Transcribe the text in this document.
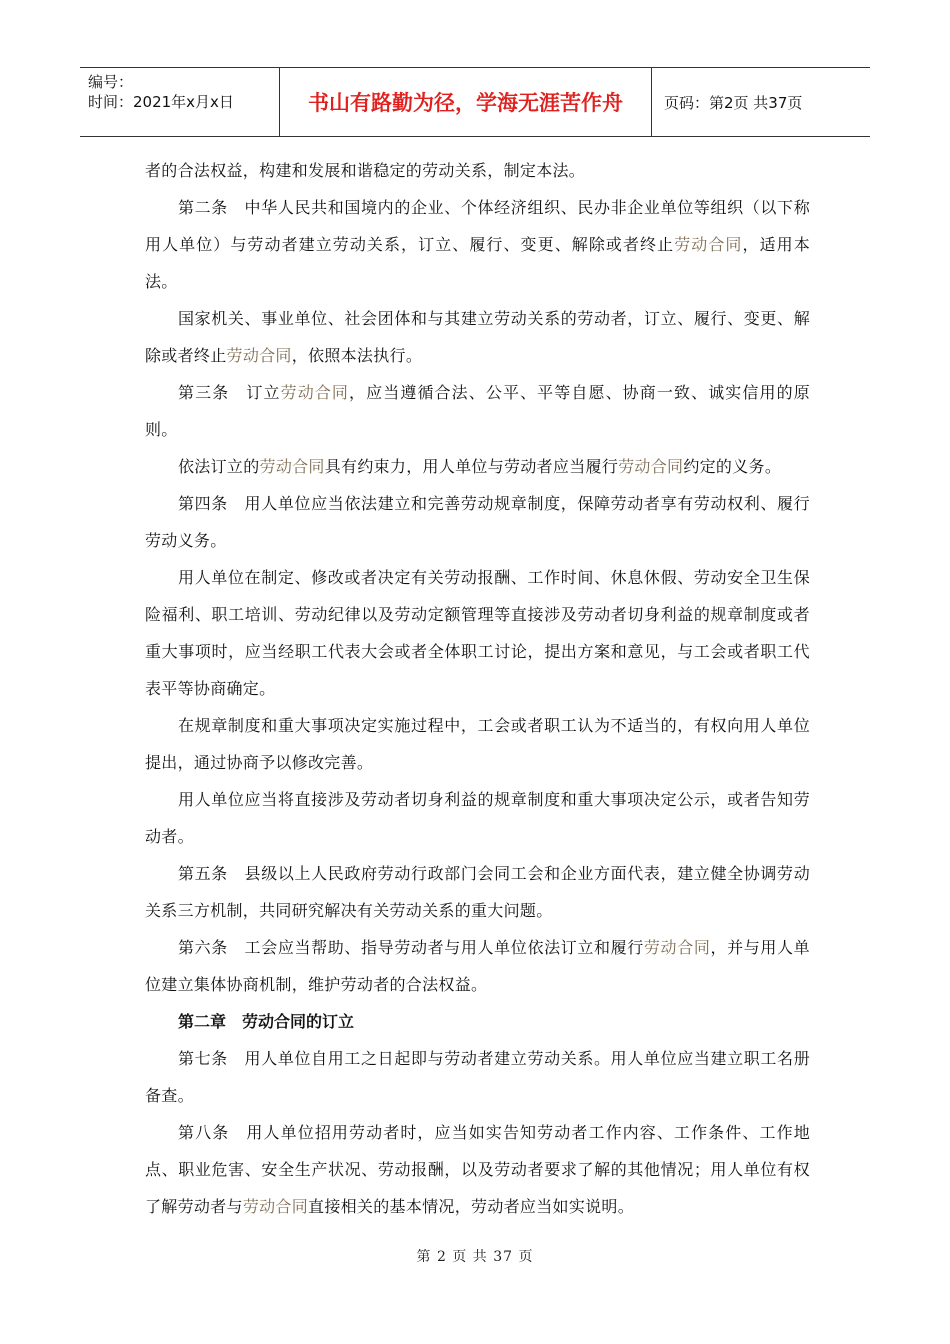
编号：
时间：2021年x月x日	书山有路勤为径，学海无涯苦作舟	页码：第2页 共37页

者的合法权益，构建和发展和谐稳定的劳动关系，制定本法。

第二条　中华人民共和国境内的企业、个体经济组织、民办非企业单位等组织（以下称用人单位）与劳动者建立劳动关系，订立、履行、变更、解除或者终止劳动合同，适用本法。

国家机关、事业单位、社会团体和与其建立劳动关系的劳动者，订立、履行、变更、解除或者终止劳动合同，依照本法执行。

第三条　订立劳动合同，应当遵循合法、公平、平等自愿、协商一致、诚实信用的原则。

依法订立的劳动合同具有约束力，用人单位与劳动者应当履行劳动合同约定的义务。

第四条　用人单位应当依法建立和完善劳动规章制度，保障劳动者享有劳动权利、履行劳动义务。

用人单位在制定、修改或者决定有关劳动报酬、工作时间、休息休假、劳动安全卫生保险福利、职工培训、劳动纪律以及劳动定额管理等直接涉及劳动者切身利益的规章制度或者重大事项时，应当经职工代表大会或者全体职工讨论，提出方案和意见，与工会或者职工代表平等协商确定。

在规章制度和重大事项决定实施过程中，工会或者职工认为不适当的，有权向用人单位提出，通过协商予以修改完善。

用人单位应当将直接涉及劳动者切身利益的规章制度和重大事项决定公示，或者告知劳动者。

第五条　县级以上人民政府劳动行政部门会同工会和企业方面代表，建立健全协调劳动关系三方机制，共同研究解决有关劳动关系的重大问题。

第六条　工会应当帮助、指导劳动者与用人单位依法订立和履行劳动合同，并与用人单位建立集体协商机制，维护劳动者的合法权益。

第二章　劳动合同的订立

第七条　用人单位自用工之日起即与劳动者建立劳动关系。用人单位应当建立职工名册备查。

第八条　用人单位招用劳动者时，应当如实告知劳动者工作内容、工作条件、工作地点、职业危害、安全生产状况、劳动报酬，以及劳动者要求了解的其他情况；用人单位有权了解劳动者与劳动合同直接相关的基本情况，劳动者应当如实说明。

第 2 页 共 37 页
